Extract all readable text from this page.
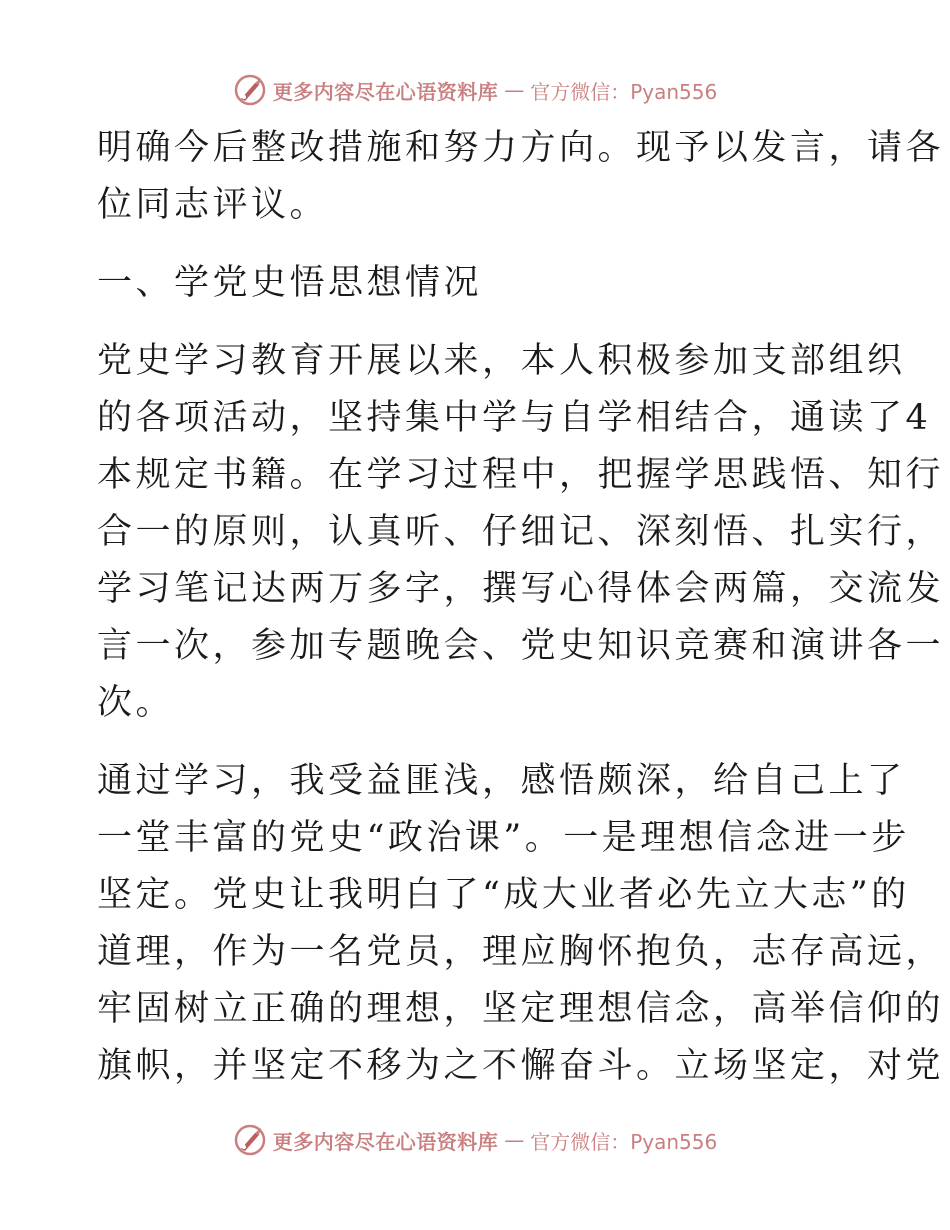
更多内容尽在心语资料库 — 官方微信：Pyan556
明确今后整改措施和努力方向。现予以发言，请各
位同志评议。
一、学党史悟思想情况
党史学习教育开展以来，本人积极参加支部组织
的各项活动，坚持集中学与自学相结合，通读了4
本规定书籍。在学习过程中，把握学思践悟、知行
合一的原则，认真听、仔细记、深刻悟、扎实行，
学习笔记达两万多字，撰写心得体会两篇，交流发
言一次，参加专题晚会、党史知识竞赛和演讲各一
次。
通过学习，我受益匪浅，感悟颇深，给自己上了
一堂丰富的党史“政治课”。一是理想信念进一步
坚定。党史让我明白了“成大业者必先立大志”的
道理，作为一名党员，理应胸怀抱负，志存高远，
牢固树立正确的理想，坚定理想信念，高举信仰的
旗帜，并坚定不移为之不懈奋斗。立场坚定，对党
更多内容尽在心语资料库 — 官方微信：Pyan556
